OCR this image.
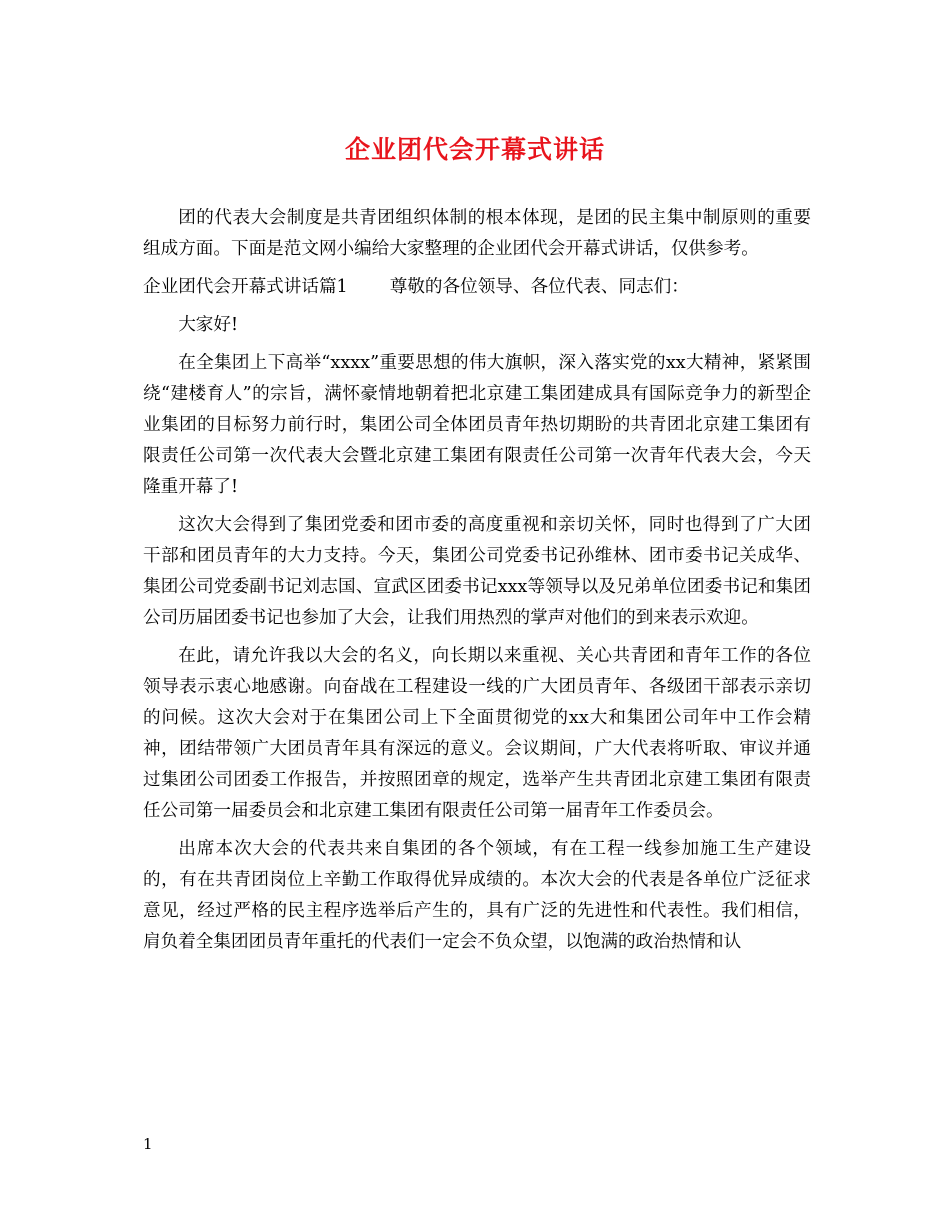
企业团代会开幕式讲话

团的代表大会制度是共青团组织体制的根本体现，是团的民主集中制原则的重要组成方面。下面是范文网小编给大家整理的企业团代会开幕式讲话，仅供参考。

企业团代会开幕式讲话篇1 尊敬的各位领导、各位代表、同志们：

大家好!

在全集团上下高举“xxxx”重要思想的伟大旗帜，深入落实党的xx大精神，紧紧围绕“建楼育人”的宗旨，满怀豪情地朝着把北京建工集团建成具有国际竞争力的新型企业集团的目标努力前行时，集团公司全体团员青年热切期盼的共青团北京建工集团有限责任公司第一次代表大会暨北京建工集团有限责任公司第一次青年代表大会，今天隆重开幕了!

这次大会得到了集团党委和团市委的高度重视和亲切关怀，同时也得到了广大团干部和团员青年的大力支持。今天，集团公司党委书记孙维林、团市委书记关成华、集团公司党委副书记刘志国、宣武区团委书记xxx等领导以及兄弟单位团委书记和集团公司历届团委书记也参加了大会，让我们用热烈的掌声对他们的到来表示欢迎。

在此，请允许我以大会的名义，向长期以来重视、关心共青团和青年工作的各位领导表示衷心地感谢。向奋战在工程建设一线的广大团员青年、各级团干部表示亲切的问候。这次大会对于在集团公司上下全面贯彻党的xx大和集团公司年中工作会精神，团结带领广大团员青年具有深远的意义。会议期间，广大代表将听取、审议并通过集团公司团委工作报告，并按照团章的规定，选举产生共青团北京建工集团有限责任公司第一届委员会和北京建工集团有限责任公司第一届青年工作委员会。

出席本次大会的代表共来自集团的各个领域，有在工程一线参加施工生产建设的，有在共青团岗位上辛勤工作取得优异成绩的。本次大会的代表是各单位广泛征求意见，经过严格的民主程序选举后产生的，具有广泛的先进性和代表性。我们相信，肩负着全集团团员青年重托的代表们一定会不负众望，以饱满的政治热情和认

1
